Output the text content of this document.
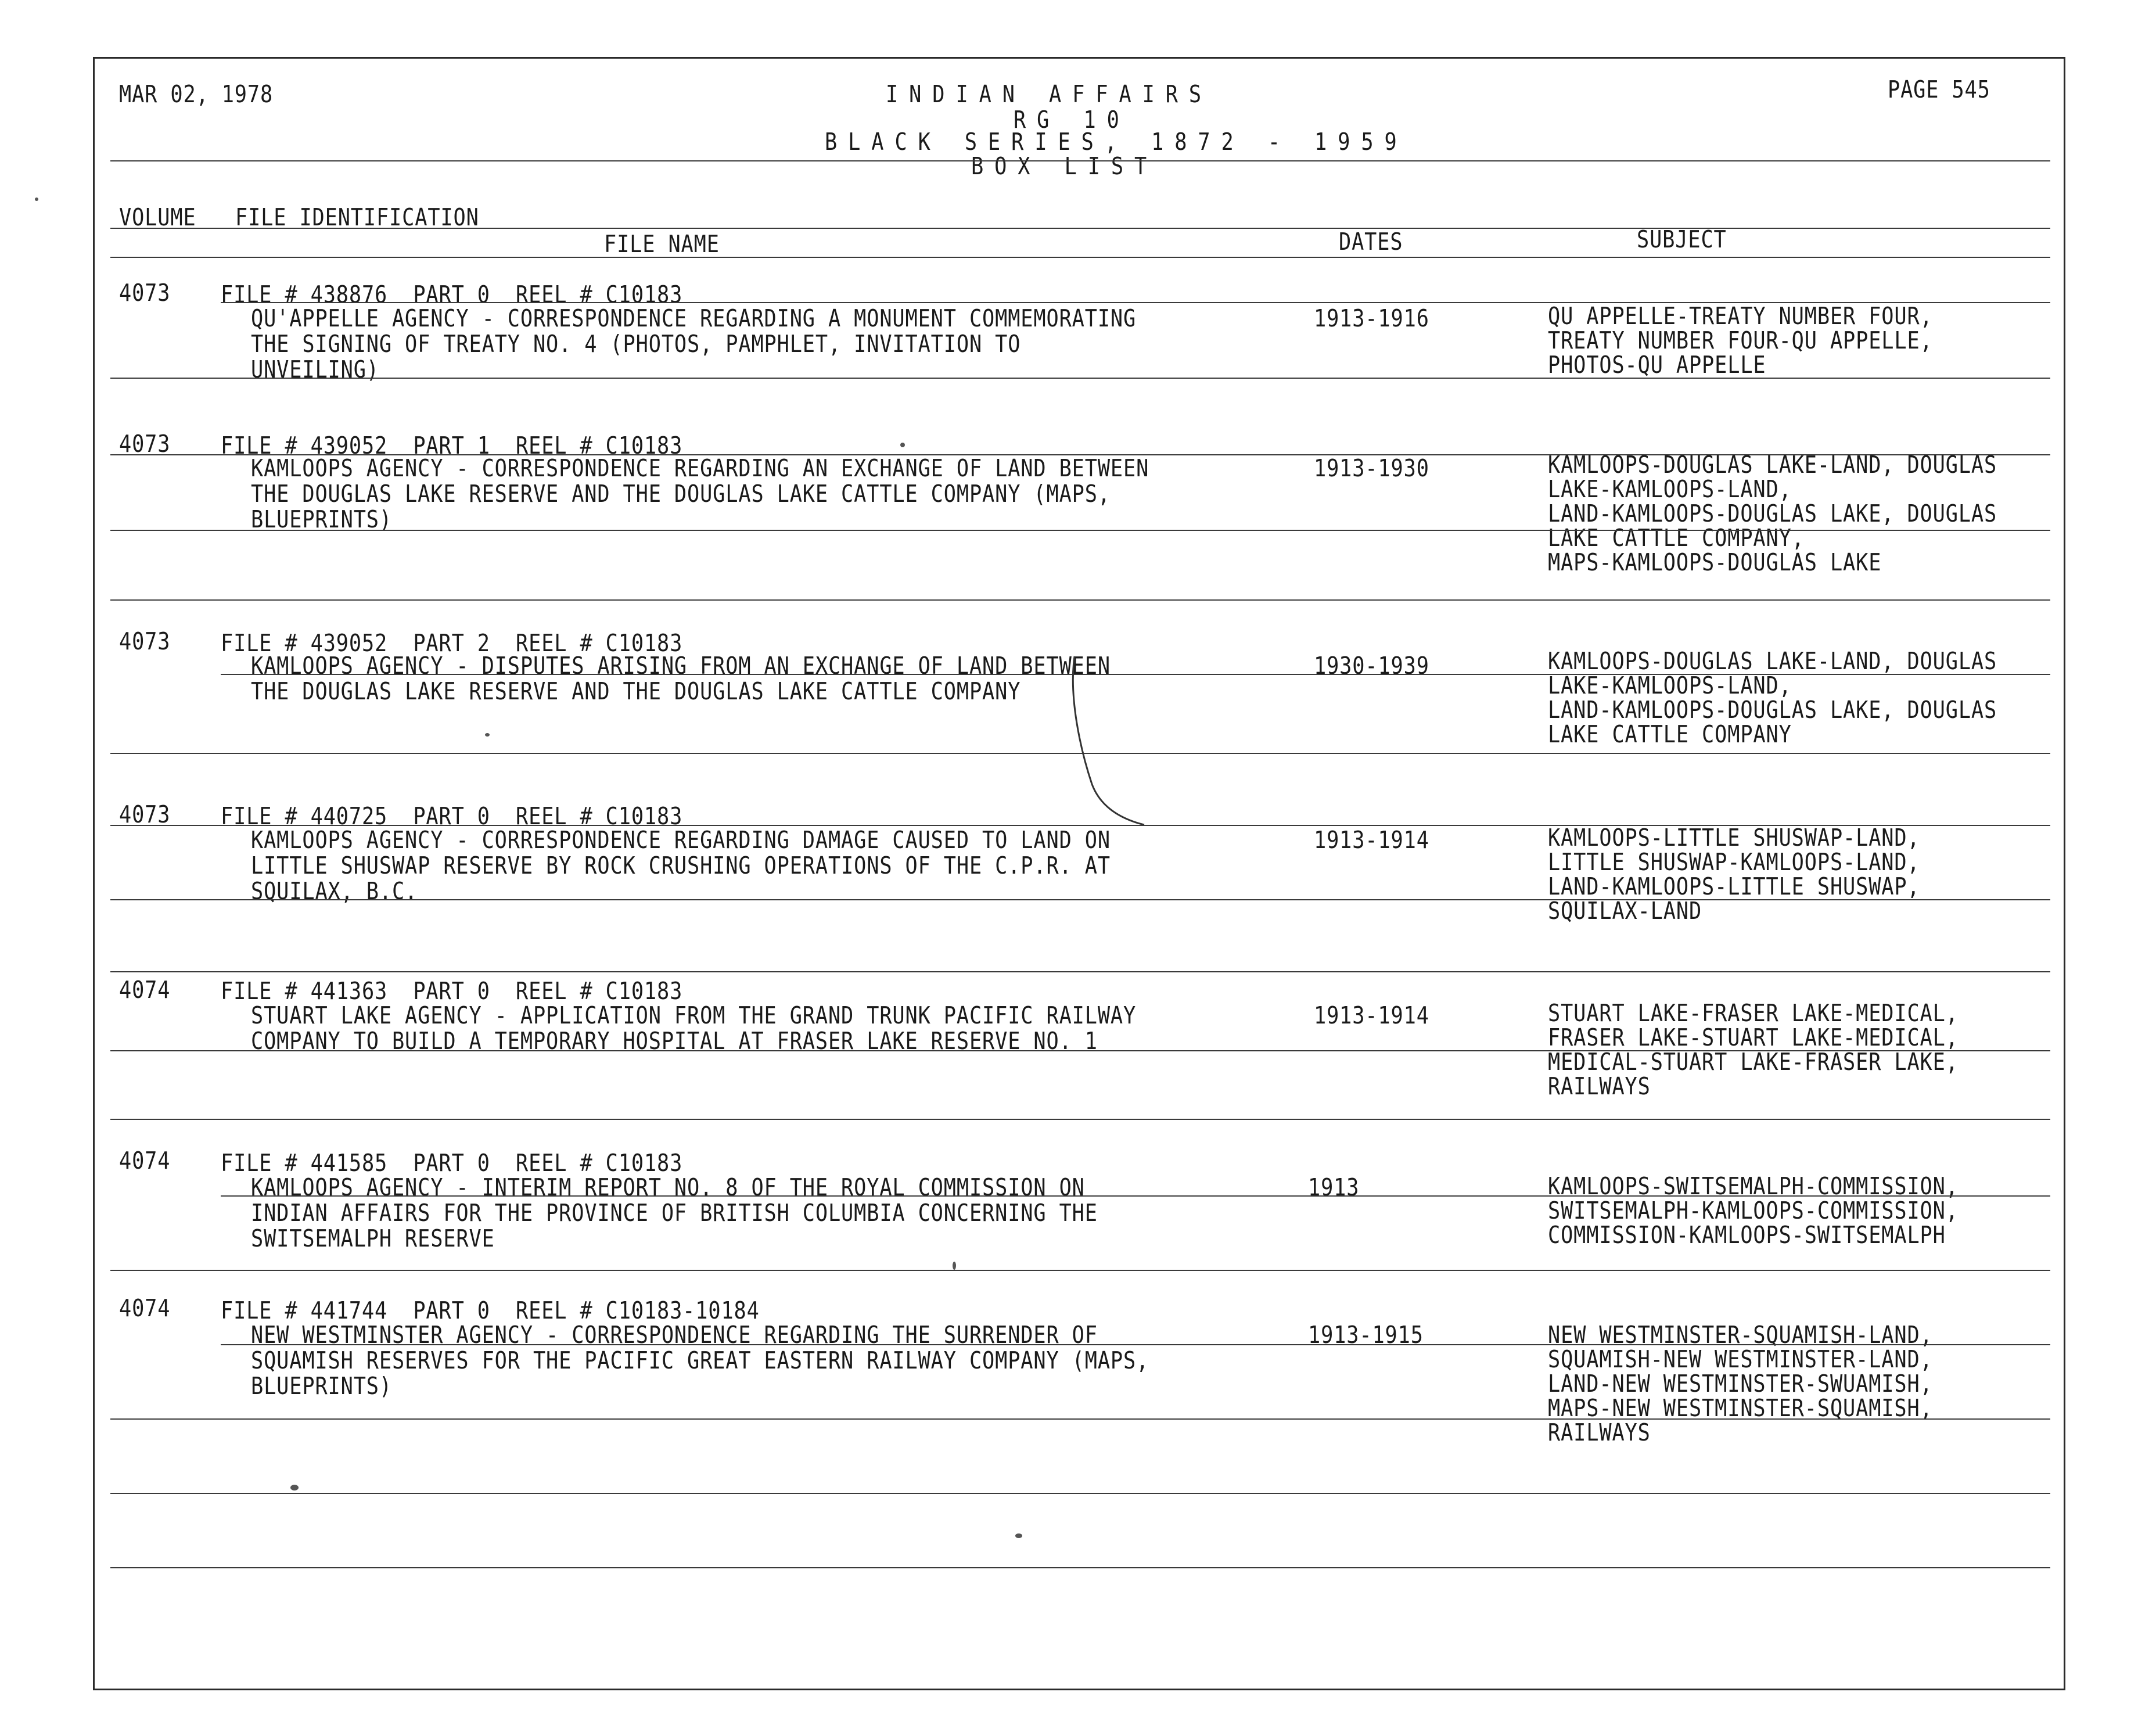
MAR 02, 1978	PAGE 545
INDIAN AFFAIRS
RG 10
BLACK SERIES, 1872 - 1959
BOX LIST
VOLUME FILE IDENTIFICATION
FILE NAME	DATES	SUBJECT
4073 FILE # 438876  PART 0  REEL # C10183
QU'APPELLE AGENCY - CORRESPONDENCE REGARDING A MONUMENT COMMEMORATING
THE SIGNING OF TREATY NO. 4 (PHOTOS, PAMPHLET, INVITATION TO
UNVEILING)
1913-1916	QU APPELLE-TREATY NUMBER FOUR,
TREATY NUMBER FOUR-QU APPELLE,
PHOTOS-QU APPELLE
4073 FILE # 439052  PART 1  REEL # C10183
KAMLOOPS AGENCY - CORRESPONDENCE REGARDING AN EXCHANGE OF LAND BETWEEN
THE DOUGLAS LAKE RESERVE AND THE DOUGLAS LAKE CATTLE COMPANY (MAPS,
BLUEPRINTS)
1913-1930	KAMLOOPS-DOUGLAS LAKE-LAND, DOUGLAS
LAKE-KAMLOOPS-LAND,
LAND-KAMLOOPS-DOUGLAS LAKE, DOUGLAS
LAKE CATTLE COMPANY,
MAPS-KAMLOOPS-DOUGLAS LAKE
4073 FILE # 439052  PART 2  REEL # C10183
KAMLOOPS AGENCY - DISPUTES ARISING FROM AN EXCHANGE OF LAND BETWEEN
THE DOUGLAS LAKE RESERVE AND THE DOUGLAS LAKE CATTLE COMPANY
1930-1939	KAMLOOPS-DOUGLAS LAKE-LAND, DOUGLAS
LAKE-KAMLOOPS-LAND,
LAND-KAMLOOPS-DOUGLAS LAKE, DOUGLAS
LAKE CATTLE COMPANY
4073 FILE # 440725  PART 0  REEL # C10183
KAMLOOPS AGENCY - CORRESPONDENCE REGARDING DAMAGE CAUSED TO LAND ON
LITTLE SHUSWAP RESERVE BY ROCK CRUSHING OPERATIONS OF THE C.P.R. AT
SQUILAX, B.C.
1913-1914	KAMLOOPS-LITTLE SHUSWAP-LAND,
LITTLE SHUSWAP-KAMLOOPS-LAND,
LAND-KAMLOOPS-LITTLE SHUSWAP,
SQUILAX-LAND
4074 FILE # 441363  PART 0  REEL # C10183
STUART LAKE AGENCY - APPLICATION FROM THE GRAND TRUNK PACIFIC RAILWAY
COMPANY TO BUILD A TEMPORARY HOSPITAL AT FRASER LAKE RESERVE NO. 1
1913-1914	STUART LAKE-FRASER LAKE-MEDICAL,
FRASER LAKE-STUART LAKE-MEDICAL,
MEDICAL-STUART LAKE-FRASER LAKE,
RAILWAYS
4074 FILE # 441585  PART 0  REEL # C10183
KAMLOOPS AGENCY - INTERIM REPORT NO. 8 OF THE ROYAL COMMISSION ON
INDIAN AFFAIRS FOR THE PROVINCE OF BRITISH COLUMBIA CONCERNING THE
SWITSEMALPH RESERVE
1913	KAMLOOPS-SWITSEMALPH-COMMISSION,
SWITSEMALPH-KAMLOOPS-COMMISSION,
COMMISSION-KAMLOOPS-SWITSEMALPH
4074 FILE # 441744  PART 0  REEL # C10183-10184
NEW WESTMINSTER AGENCY - CORRESPONDENCE REGARDING THE SURRENDER OF
SQUAMISH RESERVES FOR THE PACIFIC GREAT EASTERN RAILWAY COMPANY (MAPS,
BLUEPRINTS)
1913-1915	NEW WESTMINSTER-SQUAMISH-LAND,
SQUAMISH-NEW WESTMINSTER-LAND,
LAND-NEW WESTMINSTER-SWUAMISH,
MAPS-NEW WESTMINSTER-SQUAMISH,
RAILWAYS
